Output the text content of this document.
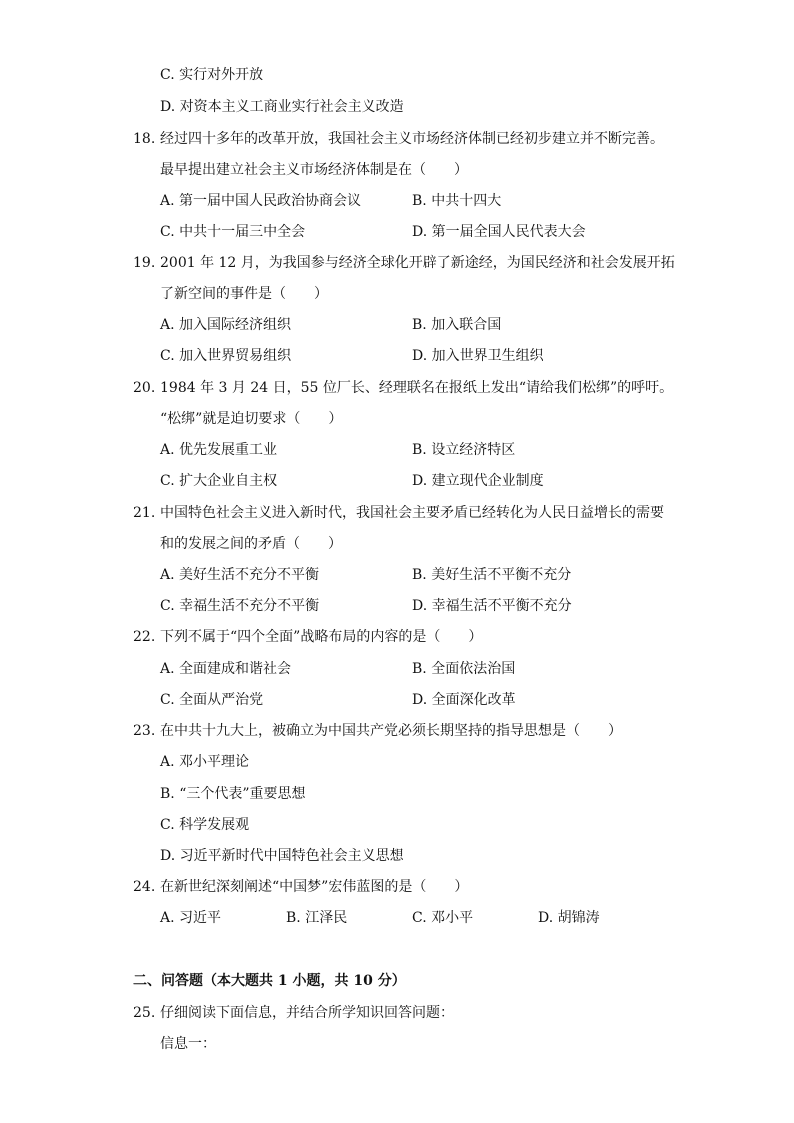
C. 实行对外开放
D. 对资本主义工商业实行社会主义改造
18. 经过四十多年的改革开放，我国社会主义市场经济体制已经初步建立并不断完善。
最早提出建立社会主义市场经济体制是在（　　）
A. 第一届中国人民政治协商会议	B. 中共十四大
C. 中共十一届三中全会	D. 第一届全国人民代表大会
19. 2001 年 12 月，为我国参与经济全球化开辟了新途经，为国民经济和社会发展开拓
了新空间的事件是（　　）
A. 加入国际经济组织	B. 加入联合国
C. 加入世界贸易组织	D. 加入世界卫生组织
20. 1984 年 3 月 24 日，55 位厂长、经理联名在报纸上发出“请给我们松绑”的呼吁。
“松绑”就是迫切要求（　　）
A. 优先发展重工业	B. 设立经济特区
C. 扩大企业自主权	D. 建立现代企业制度
21. 中国特色社会主义进入新时代，我国社会主要矛盾已经转化为人民日益增长的需要
和的发展之间的矛盾（　　）
A. 美好生活不充分不平衡	B. 美好生活不平衡不充分
C. 幸福生活不充分不平衡	D. 幸福生活不平衡不充分
22. 下列不属于“四个全面”战略布局的内容的是（　　）
A. 全面建成和谐社会	B. 全面依法治国
C. 全面从严治党	D. 全面深化改革
23. 在中共十九大上，被确立为中国共产党必须长期坚持的指导思想是（　　）
A. 邓小平理论
B. “三个代表”重要思想
C. 科学发展观
D. 习近平新时代中国特色社会主义思想
24. 在新世纪深刻阐述“中国梦”宏伟蓝图的是（　　）
A. 习近平	B. 江泽民	C. 邓小平	D. 胡锦涛
二、问答题（本大题共 1 小题，共 10 分）
25. 仔细阅读下面信息，并结合所学知识回答问题：
信息一：
